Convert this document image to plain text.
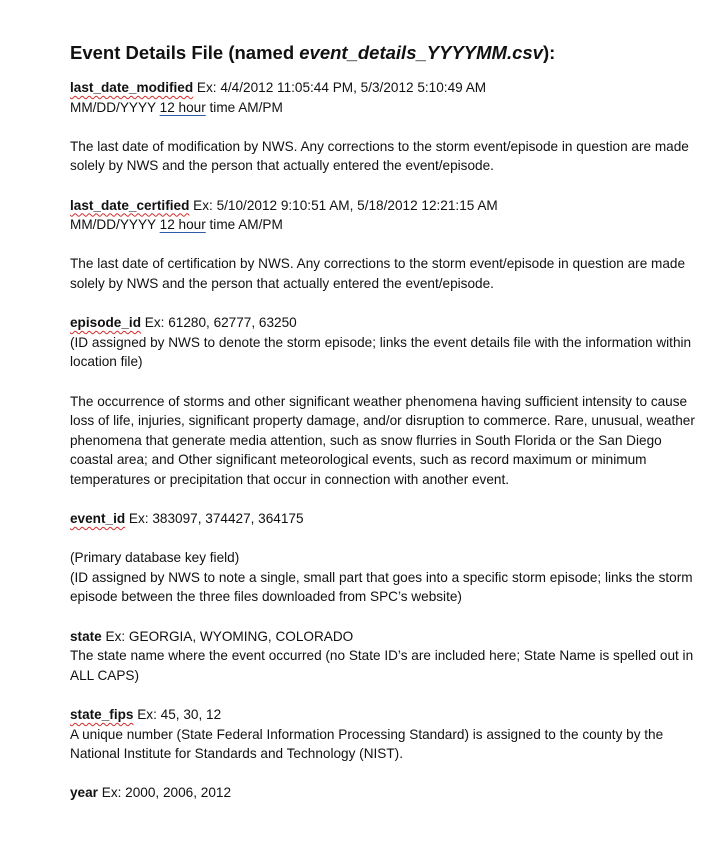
Event Details File (named event_details_YYYYMM.csv):
last_date_modified Ex: 4/4/2012 11:05:44 PM, 5/3/2012 5:10:49 AM
MM/DD/YYYY 12 hour time AM/PM
The last date of modification by NWS. Any corrections to the storm event/episode in question are made solely by NWS and the person that actually entered the event/episode.
last_date_certified Ex: 5/10/2012 9:10:51 AM, 5/18/2012 12:21:15 AM
MM/DD/YYYY 12 hour time AM/PM
The last date of certification by NWS. Any corrections to the storm event/episode in question are made solely by NWS and the person that actually entered the event/episode.
episode_id Ex: 61280, 62777, 63250
(ID assigned by NWS to denote the storm episode; links the event details file with the information within location file)
The occurrence of storms and other significant weather phenomena having sufficient intensity to cause loss of life, injuries, significant property damage, and/or disruption to commerce. Rare, unusual, weather phenomena that generate media attention, such as snow flurries in South Florida or the San Diego coastal area; and Other significant meteorological events, such as record maximum or minimum temperatures or precipitation that occur in connection with another event.
event_id Ex: 383097, 374427, 364175
(Primary database key field)
(ID assigned by NWS to note a single, small part that goes into a specific storm episode; links the storm episode between the three files downloaded from SPC’s website)
state Ex: GEORGIA, WYOMING, COLORADO
The state name where the event occurred (no State ID’s are included here; State Name is spelled out in ALL CAPS)
state_fips Ex: 45, 30, 12
A unique number (State Federal Information Processing Standard) is assigned to the county by the National Institute for Standards and Technology (NIST).
year Ex: 2000, 2006, 2012
